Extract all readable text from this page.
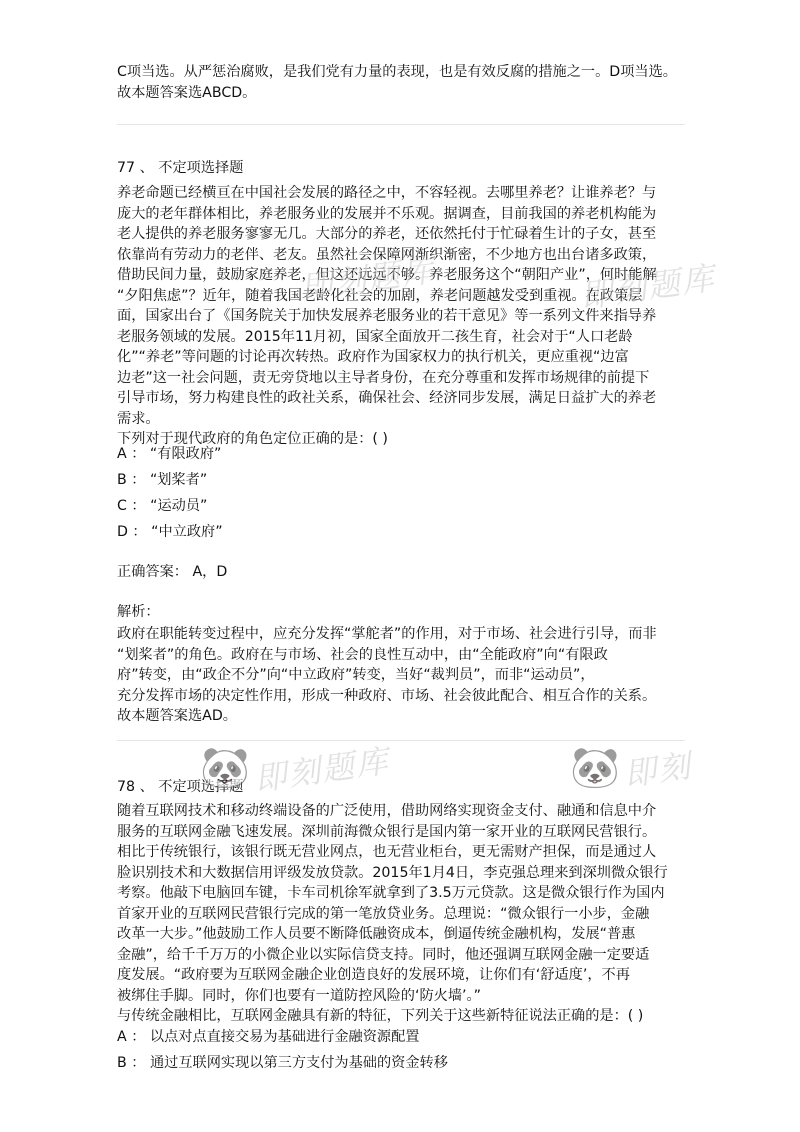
C项当选。从严惩治腐败，是我们党有力量的表现，也是有效反腐的措施之一。D项当选。
故本题答案选ABCD。
77 、 不定项选择题
养老命题已经横亘在中国社会发展的路径之中，不容轻视。去哪里养老？让谁养老？与
庞大的老年群体相比，养老服务业的发展并不乐观。据调查，目前我国的养老机构能为
老人提供的养老服务寥寥无几。大部分的养老，还依然托付于忙碌着生计的子女，甚至
依靠尚有劳动力的老伴、老友。虽然社会保障网渐织渐密，不少地方也出台诸多政策，
借助民间力量，鼓励家庭养老，但这还远远不够。养老服务这个“朝阳产业”，何时能解
“夕阳焦虑”？近年，随着我国老龄化社会的加剧，养老问题越发受到重视。在政策层
面，国家出台了《国务院关于加快发展养老服务业的若干意见》等一系列文件来指导养
老服务领域的发展。2015年11月初，国家全面放开二孩生育，社会对于“人口老龄
化”“养老”等问题的讨论再次转热。政府作为国家权力的执行机关，更应重视“边富
边老”这一社会问题，责无旁贷地以主导者身份，在充分尊重和发挥市场规律的前提下
引导市场，努力构建良性的政社关系，确保社会、经济同步发展，满足日益扩大的养老
需求。
下列对于现代政府的角色定位正确的是：( )
A ： “有限政府”
B ： “划桨者”
C ： “运动员”
D ： “中立政府”
正确答案： A，D
解析：
政府在职能转变过程中，应充分发挥“掌舵者”的作用，对于市场、社会进行引导，而非
“划桨者”的角色。政府在与市场、社会的良性互动中，由“全能政府”向“有限政
府”转变，由“政企不分”向“中立政府”转变，当好“裁判员”，而非“运动员”，
充分发挥市场的决定性作用，形成一种政府、市场、社会彼此配合、相互合作的关系。
故本题答案选AD。
78 、 不定项选择题
随着互联网技术和移动终端设备的广泛使用，借助网络实现资金支付、融通和信息中介
服务的互联网金融飞速发展。深圳前海微众银行是国内第一家开业的互联网民营银行。
相比于传统银行，该银行既无营业网点，也无营业柜台，更无需财产担保，而是通过人
脸识别技术和大数据信用评级发放贷款。2015年1月4日，李克强总理来到深圳微众银行
考察。他敲下电脑回车键，卡车司机徐军就拿到了3.5万元贷款。这是微众银行作为国内
首家开业的互联网民营银行完成的第一笔放贷业务。总理说：“微众银行一小步，金融
改革一大步。”他鼓励工作人员要不断降低融资成本，倒逼传统金融机构，发展“普惠
金融”，给千千万万的小微企业以实际信贷支持。同时，他还强调互联网金融一定要适
度发展。“政府要为互联网金融企业创造良好的发展环境，让你们有‘舒适度’，不再
被绑住手脚。同时，你们也要有一道防控风险的‘防火墙’。”
与传统金融相比，互联网金融具有新的特征，下列关于这些新特征说法正确的是：( )
A ： 以点对点直接交易为基础进行金融资源配置
B ： 通过互联网实现以第三方支付为基础的资金转移
即刻题库	即刻题库
🐼 即刻题库	🐼 即刻
